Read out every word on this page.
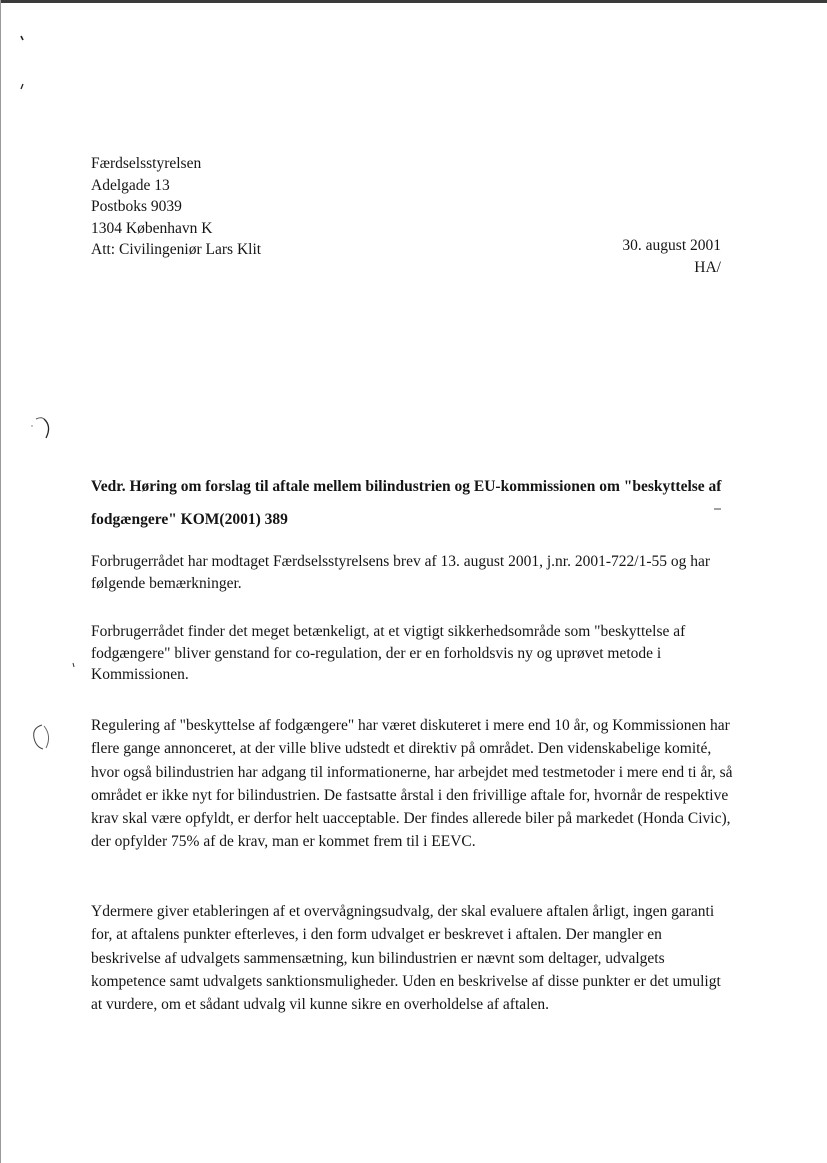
Færdselsstyrelsen
Adelgade 13
Postboks 9039
1304 København K
Att: Civilingeniør Lars Klit	30. august 2001
HA/
Vedr. Høring om forslag til aftale mellem bilindustrien og EU-kommissionen om "beskyttelse af fodgængere" KOM(2001) 389

Forbrugerrådet har modtaget Færdselsstyrelsens brev af 13. august 2001, j.nr. 2001-722/1-55 og har følgende bemærkninger.

Forbrugerrådet finder det meget betænkeligt, at et vigtigt sikkerhedsområde som "beskyttelse af fodgængere" bliver genstand for co-regulation, der er en forholdsvis ny og uprøvet metode i Kommissionen.

Regulering af "beskyttelse af fodgængere" har været diskuteret i mere end 10 år, og Kommissionen har flere gange annonceret, at der ville blive udstedt et direktiv på området. Den videnskabelige komité, hvor også bilindustrien har adgang til informationerne, har arbejdet med testmetoder i mere end ti år, så området er ikke nyt for bilindustrien. De fastsatte årstal i den frivillige aftale for, hvornår de respektive krav skal være opfyldt, er derfor helt uacceptable. Der findes allerede biler på markedet (Honda Civic), der opfylder 75% af de krav, man er kommet frem til i EEVC.

Ydermere giver etableringen af et overvågningsudvalg, der skal evaluere aftalen årligt, ingen garanti for, at aftalens punkter efterleves, i den form udvalget er beskrevet i aftalen. Der mangler en beskrivelse af udvalgets sammensætning, kun bilindustrien er nævnt som deltager, udvalgets kompetence samt udvalgets sanktionsmuligheder. Uden en beskrivelse af disse punkter er det umuligt at vurdere, om et sådant udvalg vil kunne sikre en overholdelse af aftalen.
